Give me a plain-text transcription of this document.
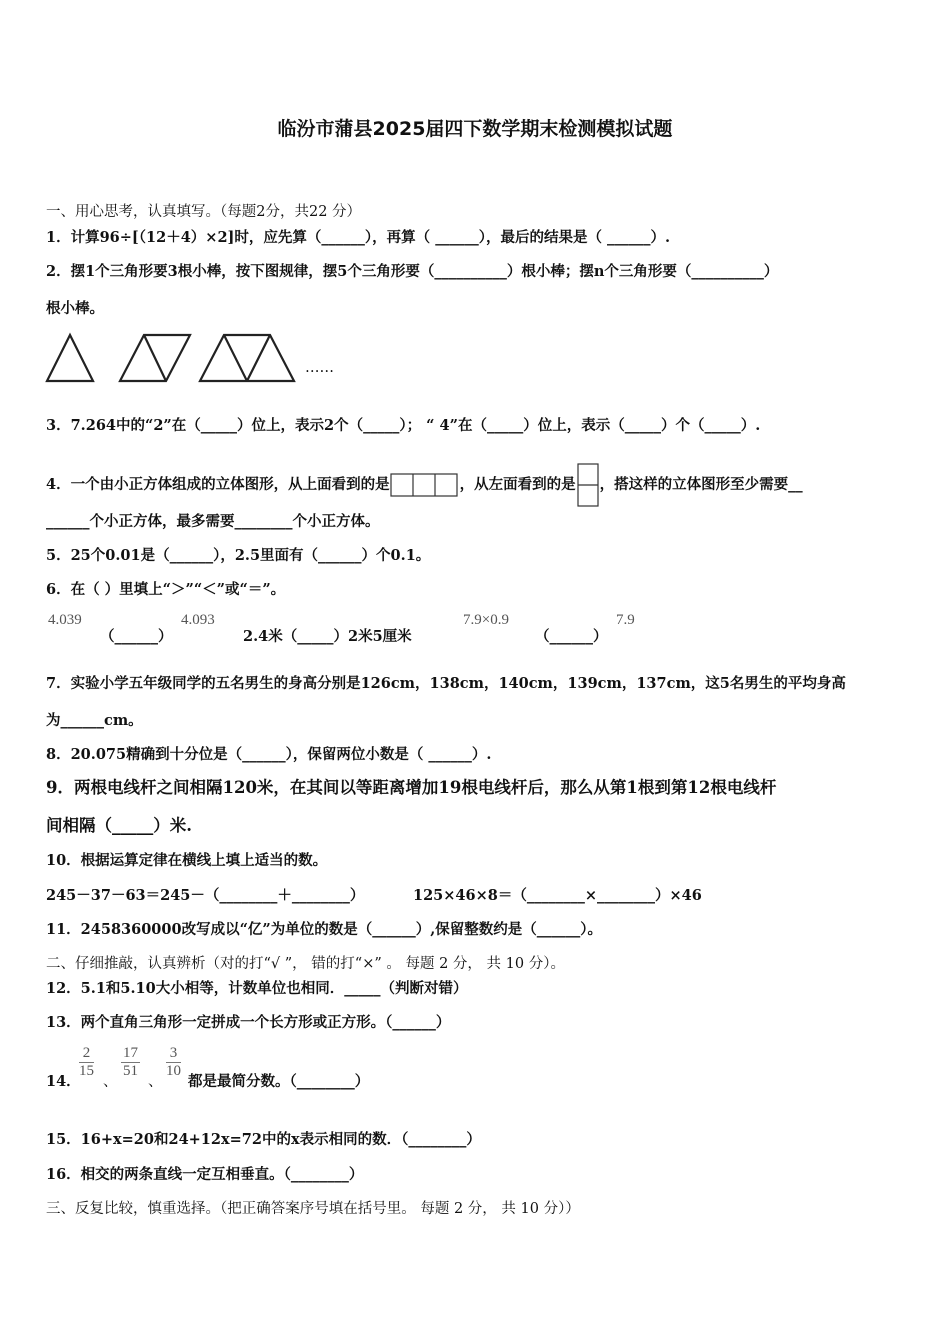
临汾市蒲县2025届四下数学期末检测模拟试题
一、用心思考，认真填写。（每题2分，共22 分）
1．计算96÷[（12＋4）×2]时，应先算（______），再算（ ______），最后的结果是（ ______）.
2．摆1个三角形要3根小棒，按下图规律，摆5个三角形要（__________）根小棒；摆n个三角形要（__________）
根小棒。
……
3．7.264中的“2”在（_____）位上，表示2个（_____）； “ 4”在（_____）位上，表示（_____）个（_____）.
4．一个由小正方体组成的立体图形，从上面看到的是	，从左面看到的是 ，搭这样的立体图形至少需要__
______个小正方体，最多需要________个小正方体。
5．25个0.01是（______），2.5里面有（______）个0.1。
6．在（ ）里填上“＞”“＜”或“＝”。
4.039
（______）
4.093
2.4米（_____）2米5厘米
7.9×0.9
（______）
7.9
7．实验小学五年级同学的五名男生的身高分别是126cm，138cm，140cm，139cm，137cm，这5名男生的平均身高
为______cm。
8．20.075精确到十分位是（______），保留两位小数是（ ______）.
9．两根电线杆之间相隔120米，在其间以等距离增加19根电线杆后，那么从第1根到第12根电线杆
间相隔（_____）米.
10．根据运算定律在横线上填上适当的数。
245－37－63＝245－（________＋________）	125×46×8＝（________×________）×46
11．2458360000改写成以“亿”为单位的数是（______）,保留整数约是（______）。
二、仔细推敲，认真辨析（对的打“√ ”， 错的打“×” 。 每题 2 分， 共 10 分）。
12．5.1和5.10大小相等，计数单位也相同．_____（判断对错）
13．两个直角三角形一定拼成一个长方形或正方形。（______）
14．
$\frac{2}{15}$
、
$\frac{17}{51}$
、
$\frac{3}{10}$
都是最简分数。（________）
15．16+x=20和24+12x=72中的x表示相同的数．（________）
16．相交的两条直线一定互相垂直。（________）
三、反复比较，慎重选择。（把正确答案序号填在括号里。 每题 2 分， 共 10 分））
